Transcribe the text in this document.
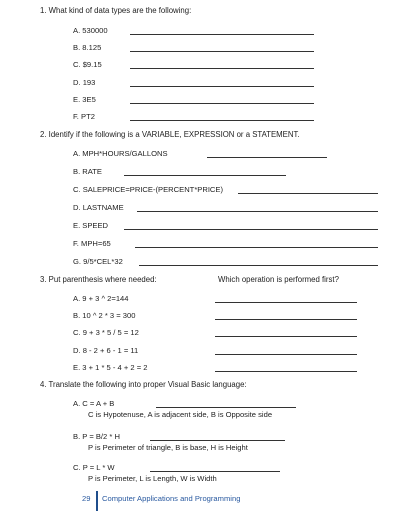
1. What kind of data types are the following:
A. 530000
B. 8.125
C. $9.15
D. 193
E. 3E5
F. PT2
2. Identify if the following is a VARIABLE, EXPRESSION or a STATEMENT.
A. MPH*HOURS/GALLONS
B. RATE
C. SALEPRICE=PRICE-(PERCENT*PRICE)
D. LASTNAME
E. SPEED
F. MPH=65
G. 9/5*CEL*32
3. Put parenthesis where needed:	Which operation is performed first?
A. 9 + 3 ^ 2=144
B. 10 ^ 2 * 3 = 300
C. 9 + 3 * 5 / 5 = 12
D. 8 - 2 + 6 - 1 = 11
E. 3 + 1 * 5 - 4 + 2 = 2
4. Translate the following into proper Visual Basic language:
A. C = A + B
C is Hypotenuse, A is adjacent side, B is Opposite side
B. P = B/2 * H
P is Perimeter of triangle, B is base, H is Height
C. P = L * W
P is Perimeter, L is Length, W is Width
29 Computer Applications and Programming
